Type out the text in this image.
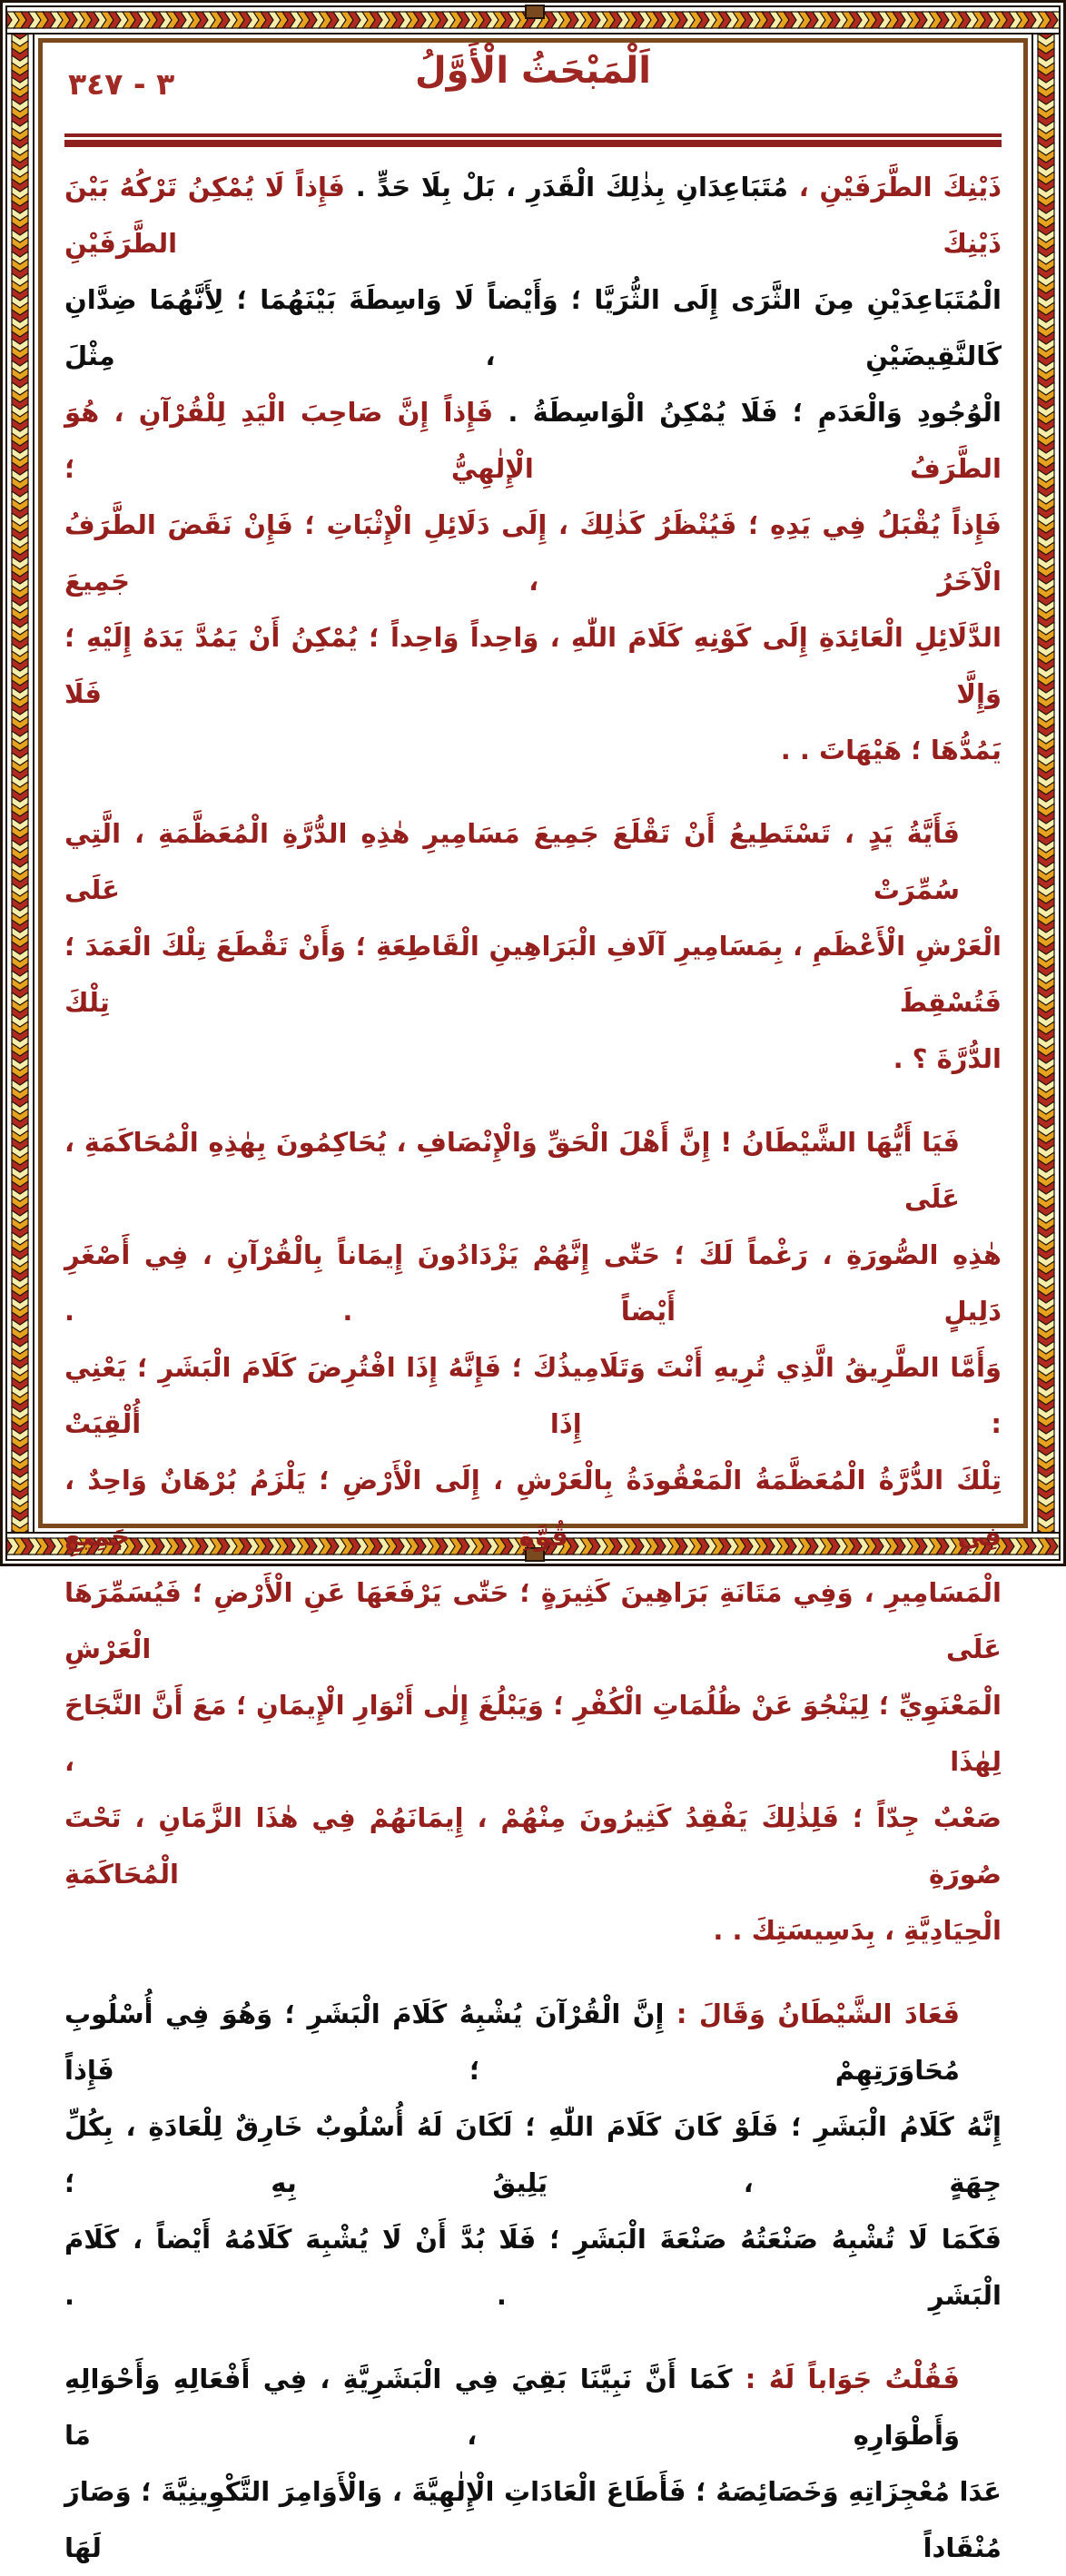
٣ - ٣٤٧	اَلْمَبْحَثُ الْأَوَّلُ
ذَيْنِكَ الطَّرَفَيْنِ ، مُتَبَاعِدَانِ بِذٰلِكَ الْقَدَرِ ، بَلْ بِلَا حَدٍّ . فَإِذاً لَا يُمْكِنُ تَرْكُهُ بَيْنَ ذَيْنِكَ الطَّرَفَيْنِ
الْمُتَبَاعِدَيْنِ مِنَ الثَّرَى إِلَى الثُّرَيَّا ؛ وَأَيْضاً لَا وَاسِطَةَ بَيْنَهُمَا ؛ لِأَنَّهُمَا ضِدَّانِ كَالنَّقِيضَيْنِ ، مِثْلَ
الْوُجُودِ وَالْعَدَمِ ؛ فَلَا يُمْكِنُ الْوَاسِطَةُ . فَإِذاً إِنَّ صَاحِبَ الْيَدِ لِلْقُرْآنِ ، هُوَ الطَّرَفُ الْإِلٰهِيُّ ؛
فَإِذاً يُقْبَلُ فِي يَدِهِ ؛ فَيُنْظَرُ كَذٰلِكَ ، إِلَى دَلَائِلِ الْإِثْبَاتِ ؛ فَإِنْ نَقَضَ الطَّرَفُ الْآخَرُ ، جَمِيعَ
الدَّلَائِلِ الْعَائِدَةِ إِلَى كَوْنِهِ كَلَامَ اللّٰهِ ، وَاحِداً وَاحِداً ؛ يُمْكِنُ أَنْ يَمُدَّ يَدَهُ إِلَيْهِ ؛ وَإِلَّا فَلَا
يَمُدُّهَا ؛ هَيْهَاتَ . .
فَأَيَّةُ يَدٍ ، تَسْتَطِيعُ أَنْ تَقْلَعَ جَمِيعَ مَسَامِيرِ هٰذِهِ الدُّرَّةِ الْمُعَظَّمَةِ ، الَّتِي سُمِّرَتْ عَلَى
الْعَرْشِ الْأَعْظَمِ ، بِمَسَامِيرِ آلَافِ الْبَرَاهِينِ الْقَاطِعَةِ ؛ وَأَنْ تَقْطَعَ تِلْكَ الْعَمَدَ ؛ فَتُسْقِطَ تِلْكَ
الدُّرَّةَ ؟ .
فَيَا أَيُّهَا الشَّيْطَانُ ! إِنَّ أَهْلَ الْحَقِّ وَالْإِنْصَافِ ، يُحَاكِمُونَ بِهٰذِهِ الْمُحَاكَمَةِ ، عَلَى
هٰذِهِ الصُّورَةِ ، رَغْماً لَكَ ؛ حَتّٰى إِنَّهُمْ يَزْدَادُونَ إِيمَاناً بِالْقُرْآنِ ، فِي أَصْغَرِ دَلِيلٍ أَيْضاً . .
وَأَمَّا الطَّرِيقُ الَّذِي تُرِيهِ أَنْتَ وَتَلَامِيذُكَ ؛ فَإِنَّهُ إِذَا افْتُرِضَ كَلَامَ الْبَشَرِ ؛ يَعْنِي : إِذَا أُلْقِيَتْ
تِلْكَ الدُّرَّةُ الْمُعَظَّمَةُ الْمَعْقُودَةُ بِالْعَرْشِ ، إِلَى الْأَرْضِ ؛ يَلْزَمُ بُرْهَانٌ وَاحِدٌ ، فِي قُوَّةِ جَمِيعِ
الْمَسَامِيرِ ، وَفِي مَتَانَةِ بَرَاهِينَ كَثِيرَةٍ ؛ حَتّٰى يَرْفَعَهَا عَنِ الْأَرْضِ ؛ فَيُسَمِّرَهَا عَلَى الْعَرْشِ
الْمَعْنَوِيِّ ؛ لِيَنْجُوَ عَنْ ظُلُمَاتِ الْكُفْرِ ؛ وَيَبْلُغَ إِلٰى أَنْوَارِ الْإِيمَانِ ؛ مَعَ أَنَّ النَّجَاحَ لِهٰذَا ،
صَعْبٌ جِدّاً ؛ فَلِذٰلِكَ يَفْقِدُ كَثِيرُونَ مِنْهُمْ ، إِيمَانَهُمْ فِي هٰذَا الزَّمَانِ ، تَحْتَ صُورَةِ الْمُحَاكَمَةِ
الْحِيَادِيَّةِ ، بِدَسِيسَتِكَ . .
فَعَادَ الشَّيْطَانُ وَقَالَ : إِنَّ الْقُرْآنَ يُشْبِهُ كَلَامَ الْبَشَرِ ؛ وَهُوَ فِي أُسْلُوبِ مُحَاوَرَتِهِمْ ؛ فَإِذاً
إِنَّهُ كَلَامُ الْبَشَرِ ؛ فَلَوْ كَانَ كَلَامَ اللّٰهِ ؛ لَكَانَ لَهُ أُسْلُوبٌ خَارِقٌ لِلْعَادَةِ ، بِكُلِّ جِهَةٍ ، يَلِيقُ بِهِ ؛
فَكَمَا لَا تُشْبِهُ صَنْعَتُهُ صَنْعَةَ الْبَشَرِ ؛ فَلَا بُدَّ أَنْ لَا يُشْبِهَ كَلَامُهُ أَيْضاً ، كَلَامَ الْبَشَرِ . .
فَقُلْتُ جَوَاباً لَهُ : كَمَا أَنَّ نَبِيَّنَا بَقِيَ فِي الْبَشَرِيَّةِ ، فِي أَفْعَالِهِ وَأَحْوَالِهِ وَأَطْوَارِهِ ، مَا
عَدَا مُعْجِزَاتِهِ وَخَصَائِصَهُ ؛ فَأَطَاعَ الْعَادَاتِ الْإِلٰهِيَّةَ ، وَالْأَوَامِرَ التَّكْوِينِيَّةَ ؛ وَصَارَ مُنْقَاداً لَهَا
